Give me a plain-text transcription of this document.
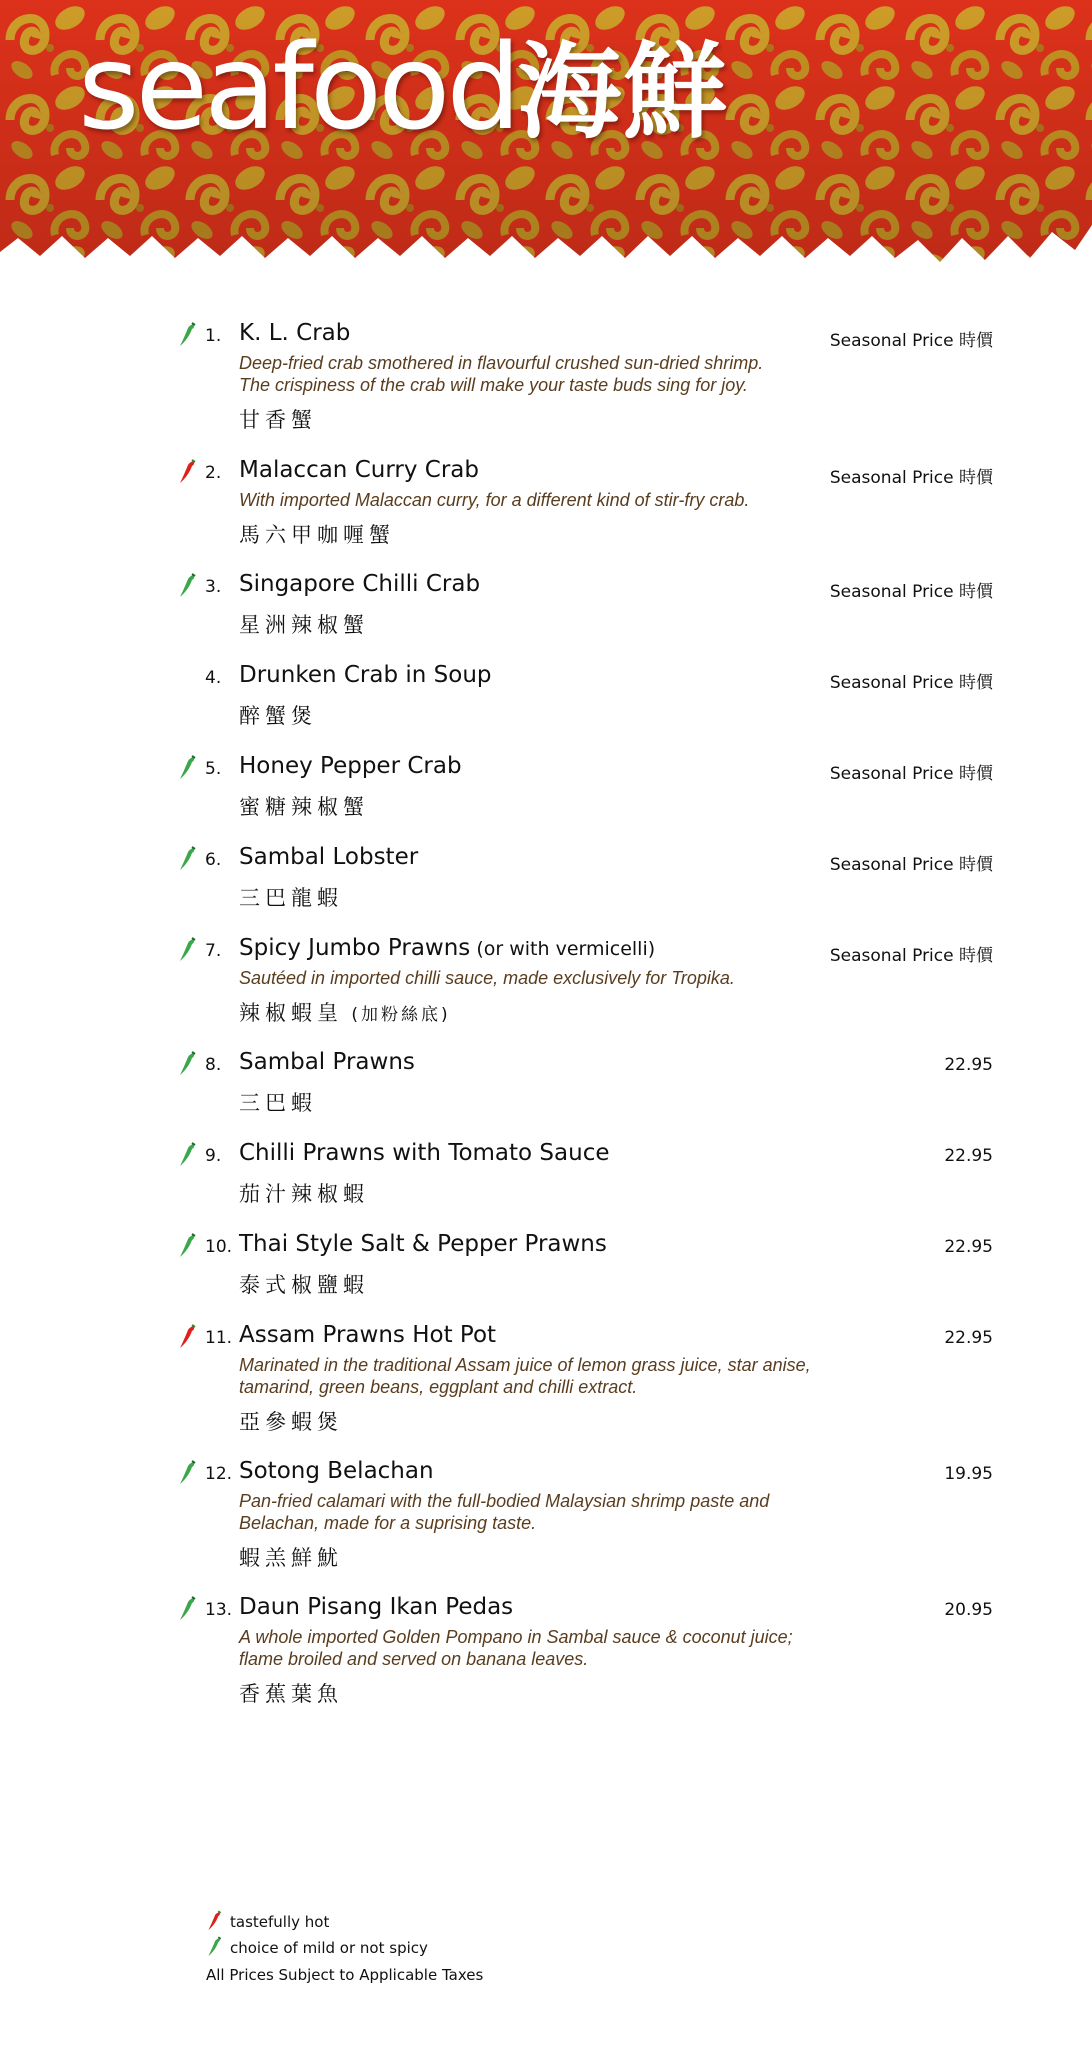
seafood海鮮
1. K. L. Crab	Seasonal Price 時價
Deep-fried crab smothered in flavourful crushed sun-dried shrimp.
The crispiness of the crab will make your taste buds sing for joy.
甘香蟹
2. Malaccan Curry Crab	Seasonal Price 時價
With imported Malaccan curry, for a different kind of stir-fry crab.
馬六甲咖喱蟹
3. Singapore Chilli Crab	Seasonal Price 時價
星洲辣椒蟹
4. Drunken Crab in Soup	Seasonal Price 時價
醉蟹煲
5. Honey Pepper Crab	Seasonal Price 時價
蜜糖辣椒蟹
6. Sambal Lobster	Seasonal Price 時價
三巴龍蝦
7. Spicy Jumbo Prawns (or with vermicelli)	Seasonal Price 時價
Sautéed in imported chilli sauce, made exclusively for Tropika.
辣椒蝦皇 (加粉絲底)
8. Sambal Prawns	22.95
三巴蝦
9. Chilli Prawns with Tomato Sauce	22.95
茄汁辣椒蝦
10. Thai Style Salt & Pepper Prawns	22.95
泰式椒鹽蝦
11. Assam Prawns Hot Pot	22.95
Marinated in the traditional Assam juice of lemon grass juice, star anise,
tamarind, green beans, eggplant and chilli extract.
亞參蝦煲
12. Sotong Belachan	19.95
Pan-fried calamari with the full-bodied Malaysian shrimp paste and
Belachan, made for a suprising taste.
蝦羔鮮魷
13. Daun Pisang Ikan Pedas	20.95
A whole imported Golden Pompano in Sambal sauce & coconut juice;
flame broiled and served on banana leaves.
香蕉葉魚
tastefully hot
choice of mild or not spicy
All Prices Subject to Applicable Taxes
